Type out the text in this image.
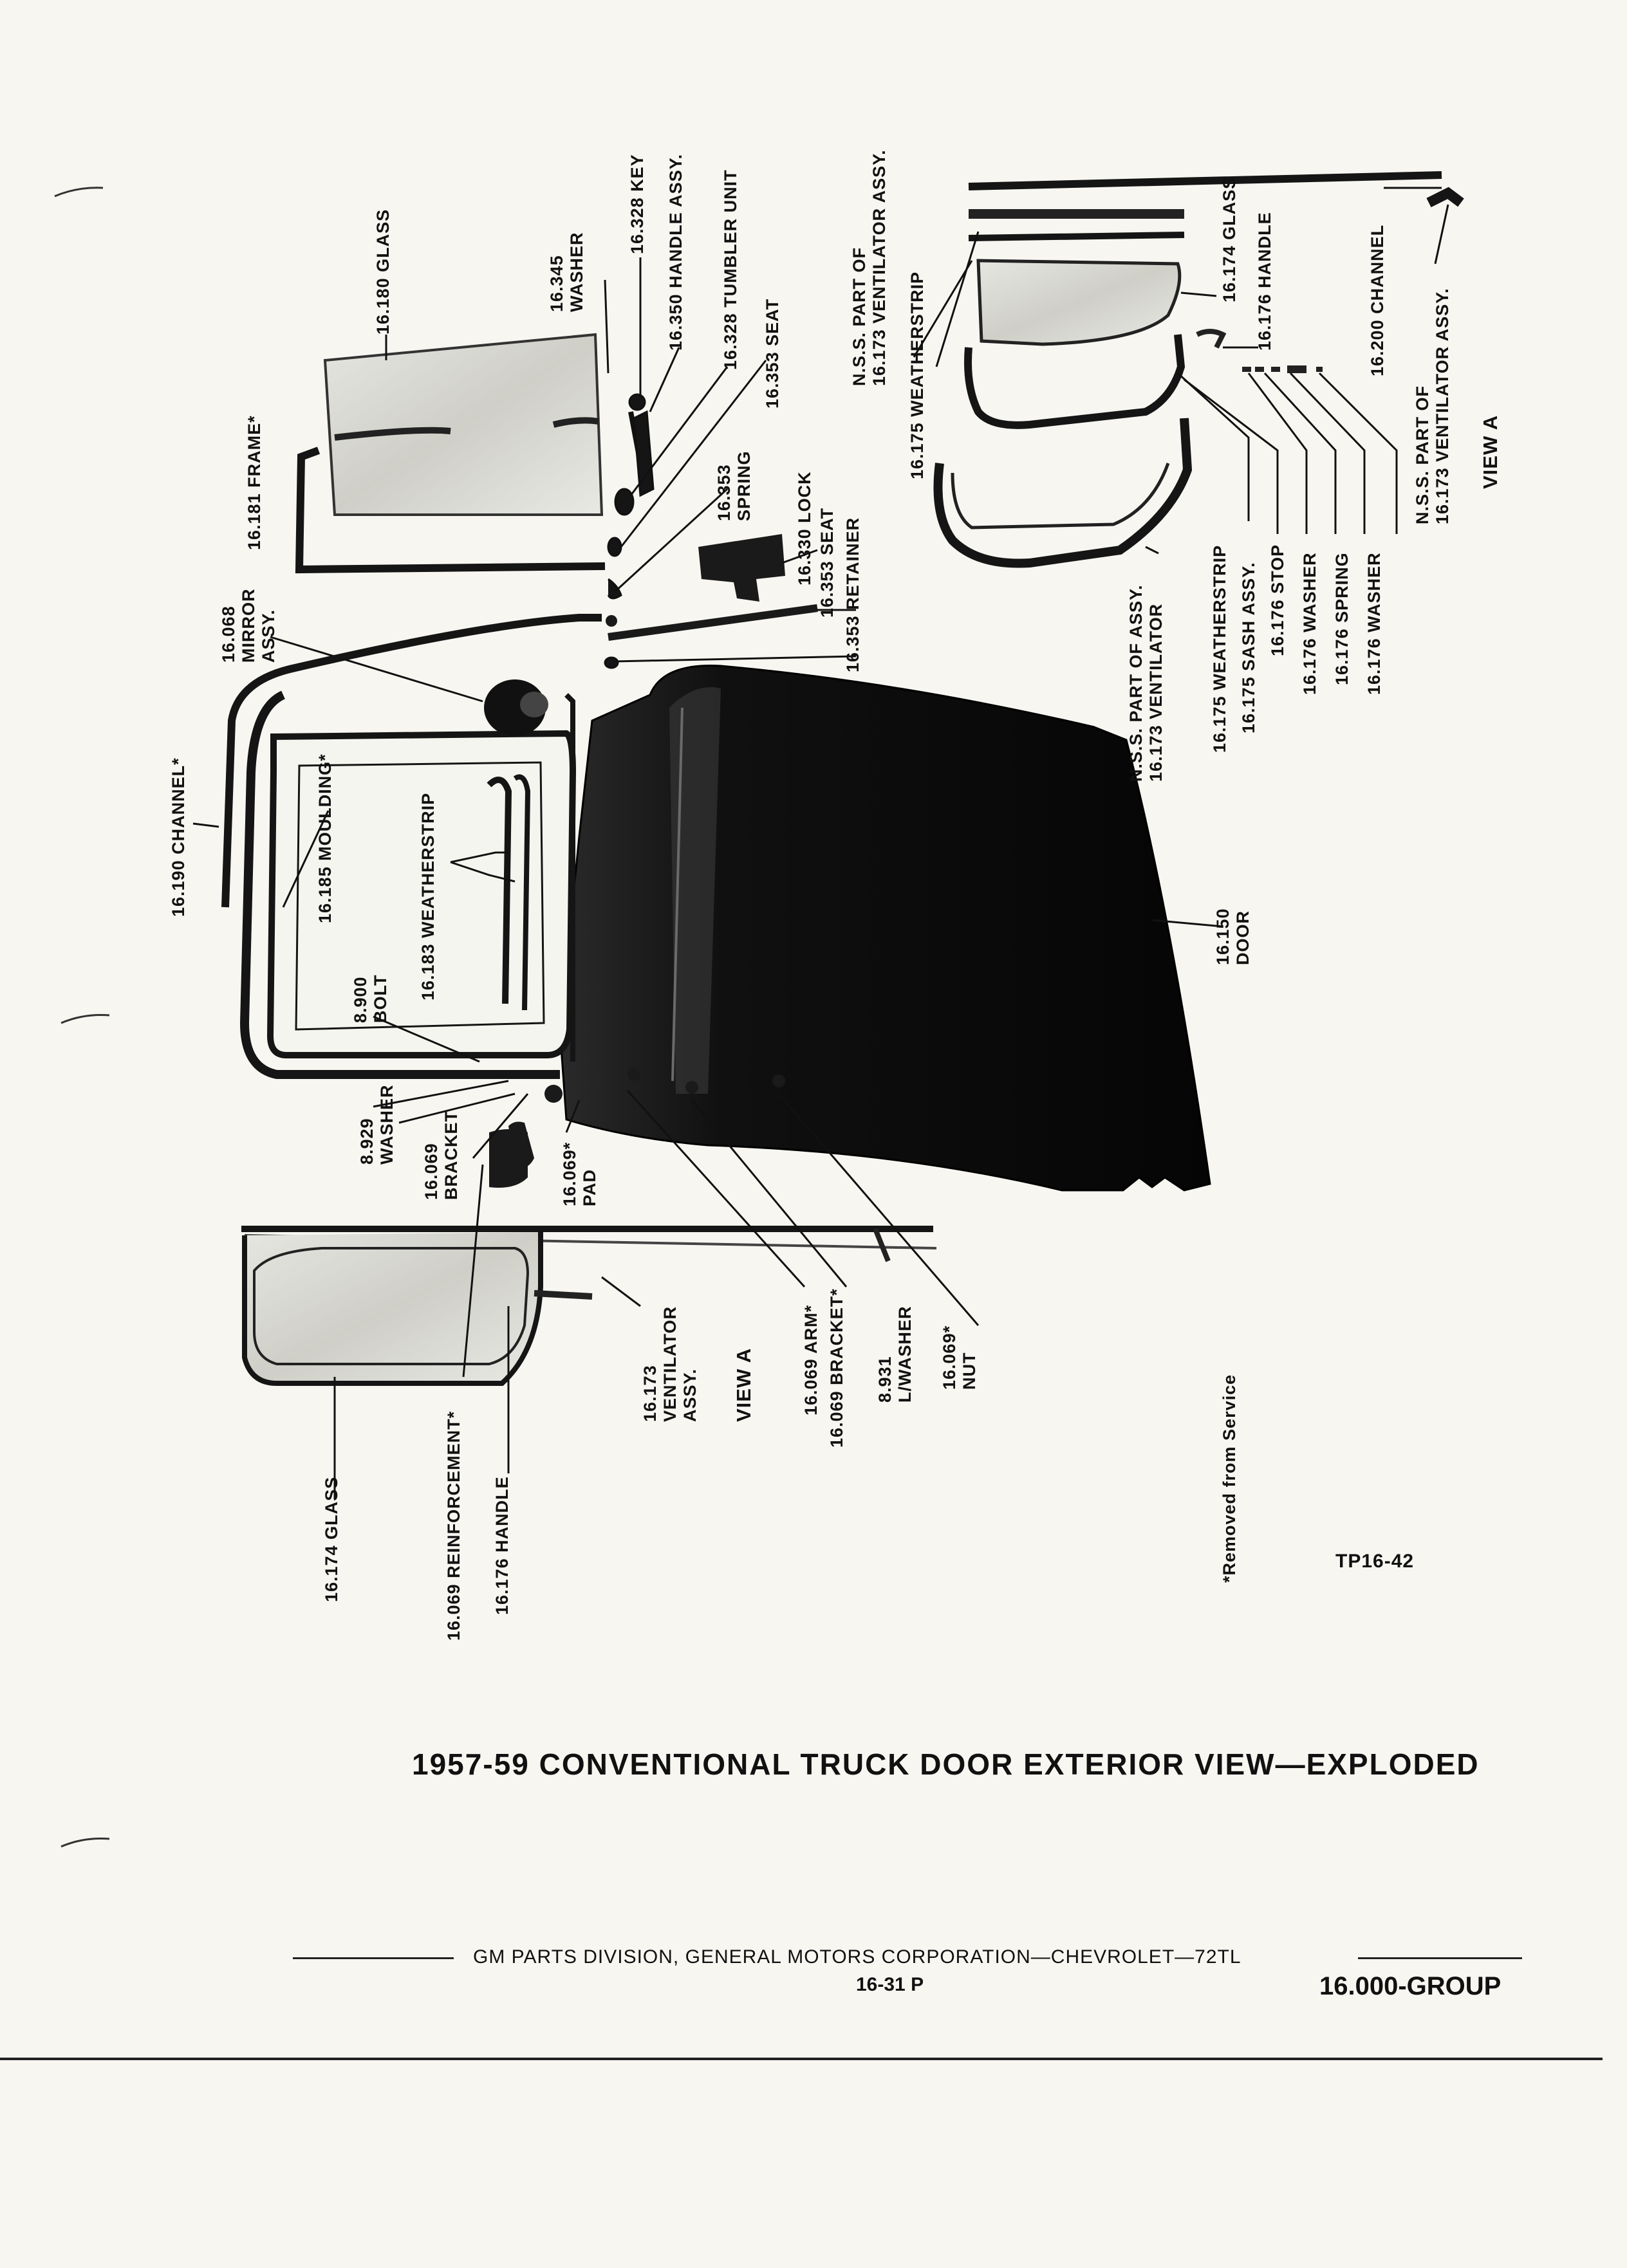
16.180 GLASS
16.181 FRAME*
16.345 WASHER
16.328 KEY 16.350 HANDLE ASSY. 16.328 TUMBLER UNIT 16.353 SEAT
16.353 SPRING 16.330 LOCK 16.353 SEAT 16.353 RETAINER
16.068 MIRROR ASSY.
16.190 CHANNEL*	16.185 MOULDING*	16.183 WEATHERSTRIP
8.900 BOLT
8.929 WASHER
16.069 BRACKET	16.069* PAD
16.150 DOOR
N.S.S. PART OF 16.173 VENTILATOR ASSY. 16.175 WEATHERSTRIP
16.174 GLASS 16.176 HANDLE	16.200 CHANNEL
N.S.S. PART OF 16.173 VENTILATOR ASSY.
N.S.S. PART OF ASSY. 16.173 VENTILATOR	16.175 WEATHERSTRIP 16.175 SASH ASSY. 16.176 STOP 16.176 WASHER 16.176 SPRING 16.176 WASHER
VIEW A
16.173 VENTILATOR ASSY. VIEW A	16.069 ARM* 16.069 BRACKET* 8.931 L/WASHER 16.069* NUT
16.174 GLASS	16.069 REINFORCEMENT* 16.176 HANDLE	*Removed from Service	TP16-42
1957-59 CONVENTIONAL TRUCK DOOR EXTERIOR VIEW—EXPLODED
GM PARTS DIVISION, GENERAL MOTORS CORPORATION—CHEVROLET—72TL
16-31 P	16.000-GROUP
